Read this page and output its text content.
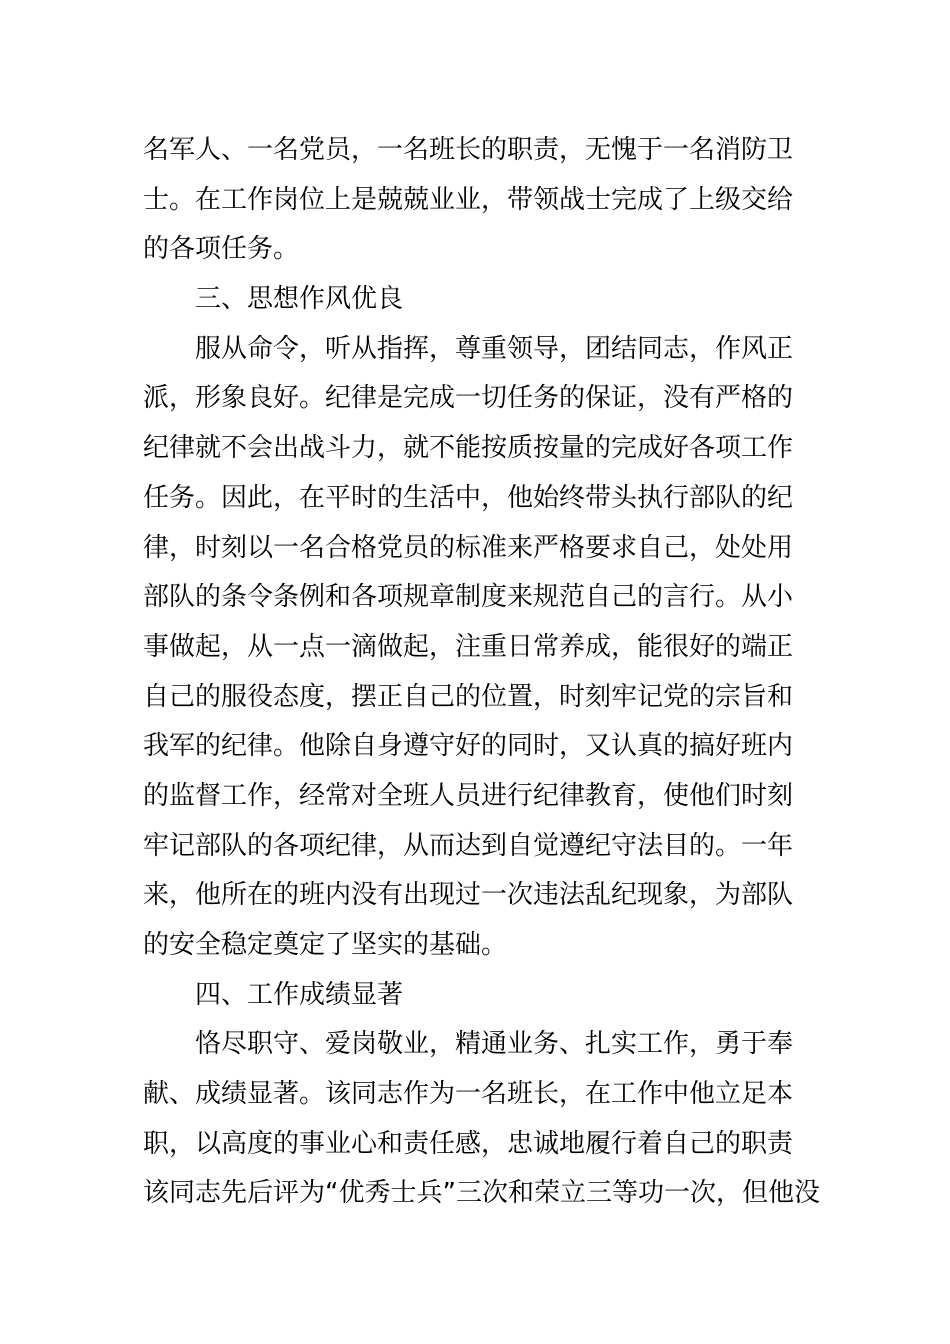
名军人、一名党员，一名班长的职责，无愧于一名消防卫
士。在工作岗位上是兢兢业业，带领战士完成了上级交给
的各项任务。
三、思想作风优良
服从命令，听从指挥，尊重领导，团结同志，作风正
派，形象良好。纪律是完成一切任务的保证，没有严格的
纪律就不会出战斗力，就不能按质按量的完成好各项工作
任务。因此，在平时的生活中，他始终带头执行部队的纪
律，时刻以一名合格党员的标准来严格要求自己，处处用
部队的条令条例和各项规章制度来规范自己的言行。从小
事做起，从一点一滴做起，注重日常养成，能很好的端正
自己的服役态度，摆正自己的位置，时刻牢记党的宗旨和
我军的纪律。他除自身遵守好的同时，又认真的搞好班内
的监督工作，经常对全班人员进行纪律教育，使他们时刻
牢记部队的各项纪律，从而达到自觉遵纪守法目的。一年
来，他所在的班内没有出现过一次违法乱纪现象，为部队
的安全稳定奠定了坚实的基础。
四、工作成绩显著
恪尽职守、爱岗敬业，精通业务、扎实工作，勇于奉
献、成绩显著。该同志作为一名班长，在工作中他立足本
职，以高度的事业心和责任感，忠诚地履行着自己的职责
该同志先后评为“优秀士兵”三次和荣立三等功一次，但他没
